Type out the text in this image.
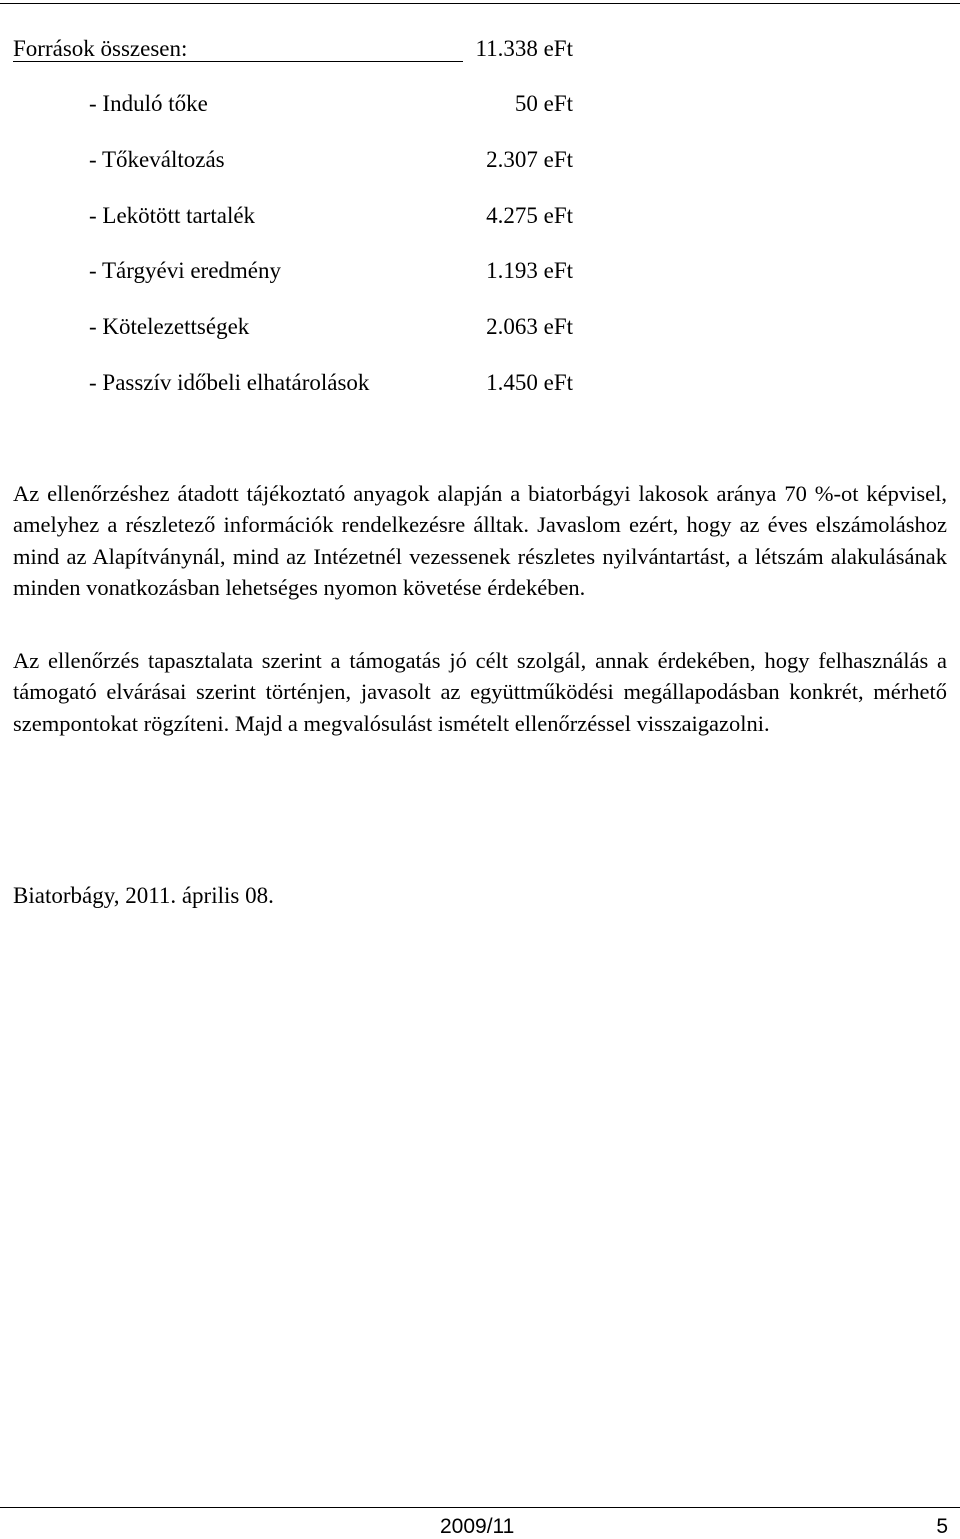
Források összesen:	11.338 eFt
- Induló tőke	50 eFt
- Tőkeváltozás	2.307 eFt
- Lekötött tartalék	4.275 eFt
- Tárgyévi eredmény	1.193 eFt
- Kötelezettségek	2.063 eFt
- Passzív időbeli elhatárolások	1.450 eFt

Az ellenőrzéshez átadott tájékoztató anyagok alapján a biatorbágyi lakosok aránya 70 %-ot képvisel, amelyhez a részletező információk rendelkezésre álltak. Javaslom ezért, hogy az éves elszámoláshoz mind az Alapítványnál, mind az Intézetnél vezessenek részletes nyilvántartást, a létszám alakulásának minden vonatkozásban lehetséges nyomon követése érdekében.

Az ellenőrzés tapasztalata szerint a támogatás jó célt szolgál, annak érdekében, hogy felhasználás a támogató elvárásai szerint történjen, javasolt az együttműködési megállapodásban konkrét, mérhető szempontokat rögzíteni. Majd a megvalósulást ismételt ellenőrzéssel visszaigazolni.

Biatorbágy, 2011. április 08.
2009/11	5
